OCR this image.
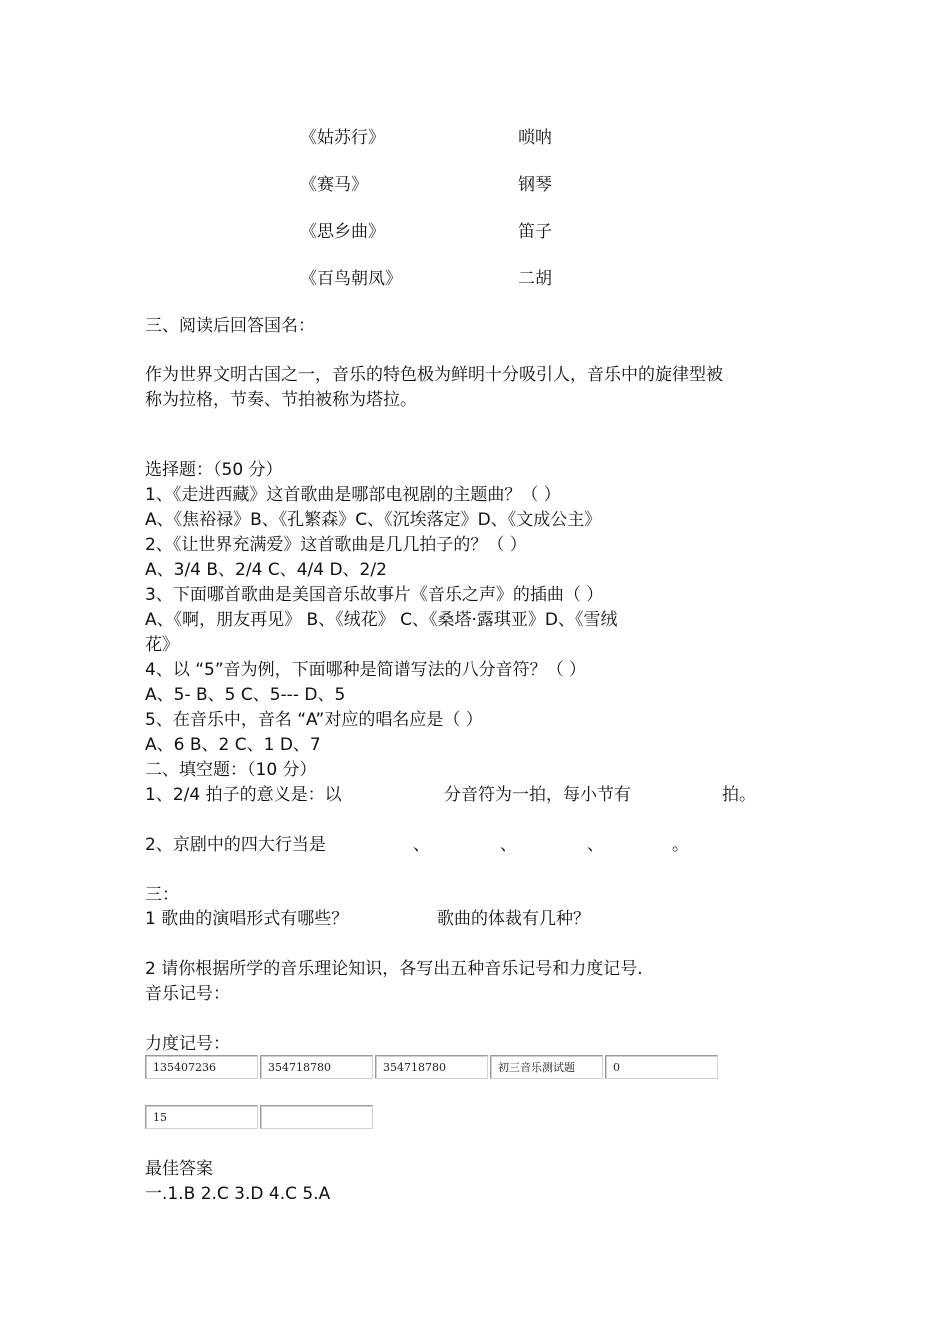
《姑苏行》	唢呐
《赛马》	钢琴
《思乡曲》	笛子
《百鸟朝凤》	二胡
三、阅读后回答国名：
作为世界文明古国之一，音乐的特色极为鲜明十分吸引人，音乐中的旋律型被
称为拉格，节奏、节拍被称为塔拉。
选择题：（50 分）
1、《走进西藏》这首歌曲是哪部电视剧的主题曲？（ ）
A、《焦裕禄》B、《孔繁森》C、《沉埃落定》D、《文成公主》
2、《让世界充满爱》这首歌曲是几几拍子的？（ ）
A、3/4 B、2/4 C、4/4 D、2/2
3、下面哪首歌曲是美国音乐故事片《音乐之声》的插曲（ ）
A、《啊，朋友再见》 B、《绒花》 C、《桑塔·露琪亚》D、《雪绒
花》
4、以 “5”音为例，下面哪种是简谱写法的八分音符？（ ）
A、5- B、5 C、5--- D、5
5、在音乐中，音名 “A”对应的唱名应是（ ）
A、6 B、2 C、1 D、7
二、填空题：（10 分）
1、2/4 拍子的意义是：以	分音符为一拍，每小节有	拍。
2、京剧中的四大行当是	、	、	、	。
三：
1 歌曲的演唱形式有哪些？	歌曲的体裁有几种？
2 请你根据所学的音乐理论知识，各写出五种音乐记号和力度记号.
音乐记号：
力度记号：
135407236	354718780	354718780	初三音乐测试题	0
15
最佳答案
一.1.B 2.C 3.D 4.C 5.A
